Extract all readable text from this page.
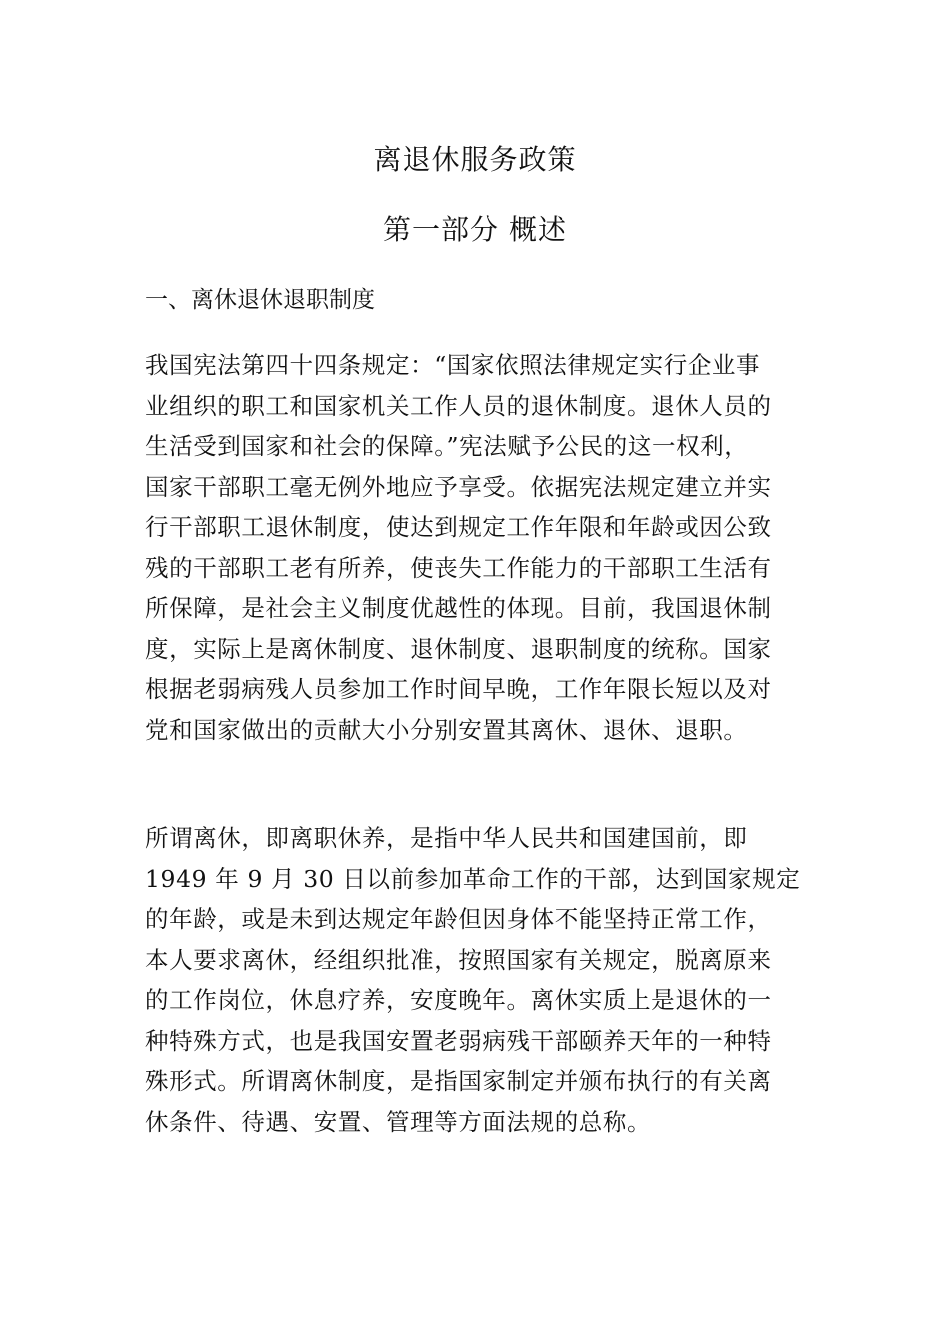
离退休服务政策
第一部分 概述
一、离休退休退职制度

我国宪法第四十四条规定：“国家依照法律规定实行企业事
业组织的职工和国家机关工作人员的退休制度。退休人员的
生活受到国家和社会的保障。”宪法赋予公民的这一权利，
国家干部职工毫无例外地应予享受。依据宪法规定建立并实
行干部职工退休制度，使达到规定工作年限和年龄或因公致
残的干部职工老有所养，使丧失工作能力的干部职工生活有
所保障，是社会主义制度优越性的体现。目前，我国退休制
度，实际上是离休制度、退休制度、退职制度的统称。国家
根据老弱病残人员参加工作时间早晚，工作年限长短以及对
党和国家做出的贡献大小分别安置其离休、退休、退职。

所谓离休，即离职休养，是指中华人民共和国建国前，即
1949 年 9 月 30 日以前参加革命工作的干部，达到国家规定
的年龄，或是未到达规定年龄但因身体不能坚持正常工作，
本人要求离休，经组织批准，按照国家有关规定，脱离原来
的工作岗位，休息疗养，安度晚年。离休实质上是退休的一
种特殊方式，也是我国安置老弱病残干部颐养天年的一种特
殊形式。所谓离休制度，是指国家制定并颁布执行的有关离
休条件、待遇、安置、管理等方面法规的总称。
